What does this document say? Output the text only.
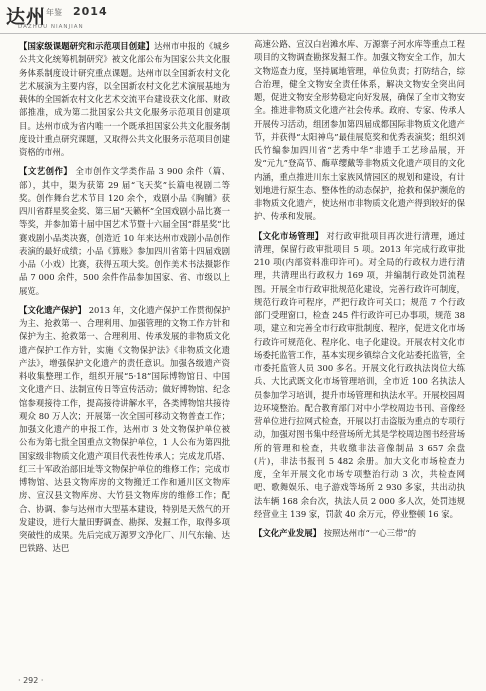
达州 年鉴 2014
DAZHOU NIANJIAN

【国家级课题研究和示范项目创建】达州市申报的《城乡公共文化统筹机制研究》被文化部公布为国家公共文化服务体系制度设计研究重点课题。达州市以全国新农村文化艺术展演为主要内容，以全国新农村文化艺术演展基地为载体的全国新农村文化艺术交流平台建设获文化部、财政部推准，成为第二批国家公共文化服务示范项目创建项目。达州市成为省内唯一一个既承担国家公共文化服务制度设计重点研究课题，又取得公共文化服务示范项目创建资格的市州。

【文艺创作】 全市创作文学类作品 3 900 余件（篇、部），其中，渠为获第 29 届“飞天奖”长篇电视剧二等奖。创作舞台艺术节目 120 余个，戏剧小品《胸脯》获四川省群星奖金奖、第三届“天籁杯”全国戏剧小品比赛一等奖，并参加第十届中国艺术节暨十六届全国“群星奖”比赛戏剧小品类决赛，创造近 10 年来达州市戏剧小品创作表演的最好成绩；小品《算账》参加四川省第十四届戏剧小品（小戏）比赛，获得五项大奖。创作美术书法摄影作品 7 000 余件，500 余件作品参加国家、省、市级以上展览。

【文化遗产保护】 2013 年，文化遗产保护工作贯彻保护为主、抢救第一、合理利用、加强管理的文物工作方针和保护为主、抢救第一、合理利用、传承发展的非物质文化遗产保护工作方针，实施《文物保护法》《非物质文化遗产法》，增强保护文化遗产的责任意识。加强各级遗产资料收集整理工作，组织开展“5·18”国际博物馆日、中国文化遗产日、法制宣传日等宣传活动；做好博物馆、纪念馆参观接待工作，提高接待讲解水平，各类博物馆共接待观众 80 万人次；开展第一次全国可移动文物普查工作；加强文化遗产的申报工作，达州市 3 处文物保护单位被公布为第七批全国重点文物保护单位，1 人公布为第四批国家级非物质文化遗产项目代表性传承人；完成龙爪塔、红三十军政治部旧址等文物保护单位的维修工作；完成市博物馆、达县文物库房的文物搬迁工作和通川区文物库房、宣汉县文物库房、大竹县文物库房的维修工作；配合、协调、参与达州市大型基本建设，特别是天然气的开发建设，进行大量田野调查、勘探、发掘工作，取得多项突破性的成果。先后完成万源罗文净化厂、川气东输、达巴铁路、达巴

高速公路、宣汉白岩滩水库、万源寨子河水库等重点工程项目的文物调查勘探发掘工作。加强文物安全工作，加大文物巡查力度，坚持属地管理，单位负责；打防结合，综合治理，健全文物安全责任体系，解决文物安全突出问题，促进文物安全形势稳定向好发展，确保了全市文物安全。推进非物质文化遗产社会传承。政府、专家、传承人开展传习活动，组团参加第四届成都国际非物质文化遗产节，并获得“太阳神鸟”最佳展览奖和优秀表演奖；组织刘氏竹编参加四川省“艺秀中华”非遗手工艺珍品展，开发“元九”登高节、酶草缨戴等非物质文化遗产项目的文化内涵，重点推进川东土家族风情园区的规划和建设，有计划地进行原生态、整体性的动态保护，抢救和保护濒危的非物质文化遗产，使达州市非物质文化遗产得到较好的保护、传承和发展。

【文化市场管理】 对行政审批项目再次进行清理，通过清理，保留行政审批项目 5 项。2013 年完成行政审批 210 项(内部资料准印许可)。对全局的行政权力进行清理，共清理出行政权力 169 项，并编制行政处罚流程图。开展全市行政审批规范化建设，完善行政许可制度，规范行政许可程序，严把行政许可关口；规范 7 个行政部门受理窗口，检查 245 件行政许可已办事项，规范 38 项，建立和完善全市行政审批制度、程序，促进文化市场行政许可规范化、程序化、电子化建设。开展农村文化市场委托监管工作，基本实现乡镇综合文化站委托监管，全市委托监管人员 300 多名。开展文化行政执法岗位大练兵、大比武既文化市场管理培训，全市近 100 名执法人员参加学习培训，提升市场管理和执法水平。开展校园周边环境整治。配合教育部门对中小学校周边书刊、音像经营单位进行拉网式检查，开展以打击盗版为重点的专项行动，加强对图书集中经营场所尤其是学校周边图书经营场所的管理和检查，共收缴非法音像制品 3 657 余盘(片)，非法书报刊 5 482 余册。加大文化市场检查力度，全年开展文化市场专项整治行动 3 次，共检查网吧、歌舞娱乐、电子游戏等场所 2 930 多家，共出动执法车辆 168 余台次，执法人员 2 000 多人次，处罚违规经营业主 139 家，罚款 40 余万元，停业整顿 16 家。

【文化产业发展】 按照达州市“一心三带”的

· 292 ·
